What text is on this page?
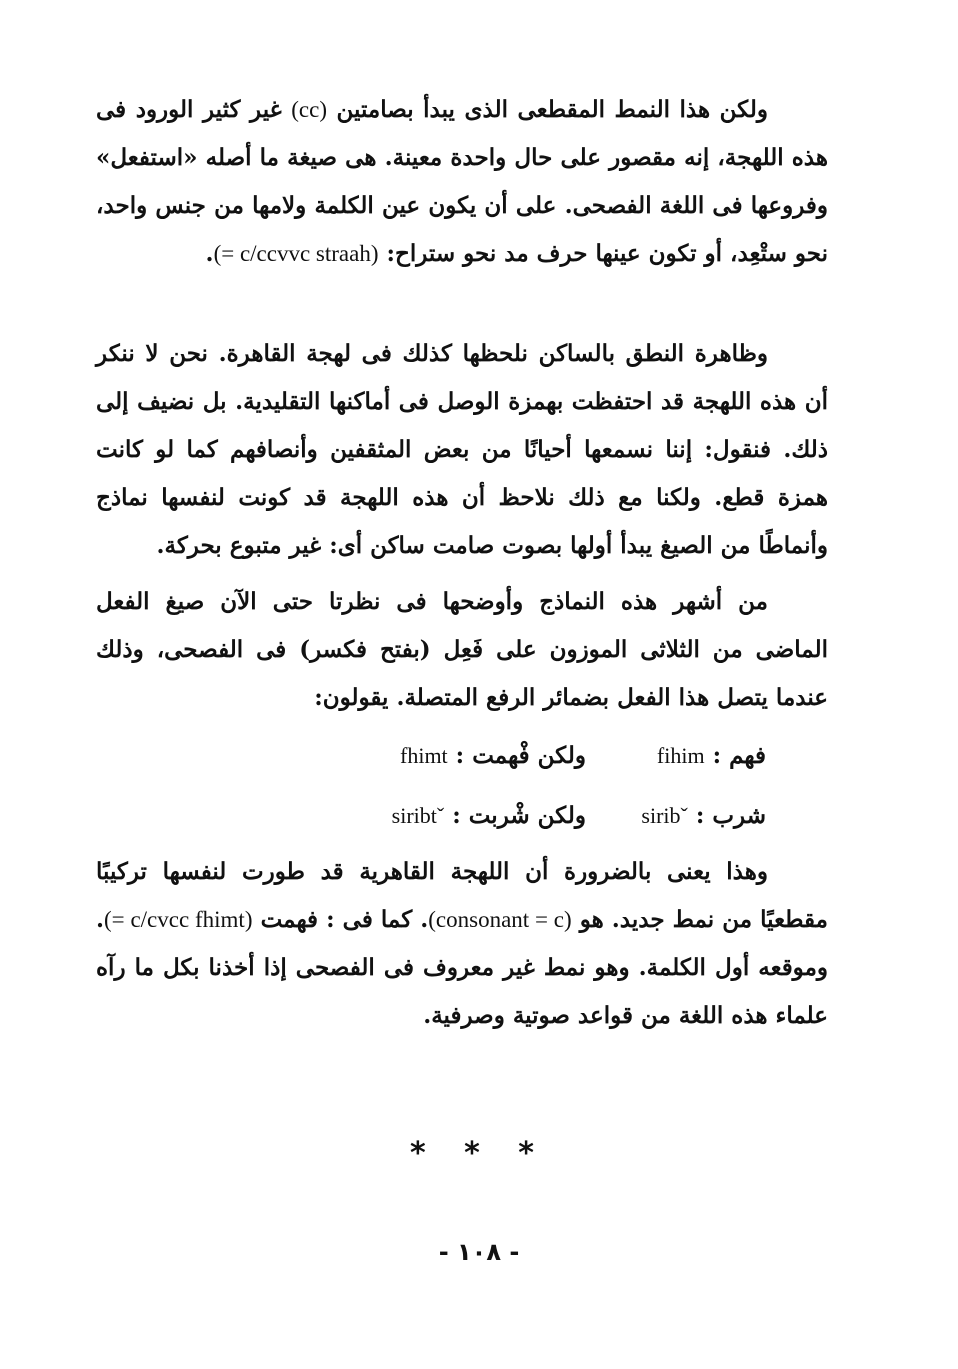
ولكن هذا النمط المقطعى الذى يبدأ بصامتين (cc) غير كثير الورود فى هذه اللهجة، إنه مقصور على حال واحدة معينة. هى صيغة ما أصله «استفعل» وفروعها فى اللغة الفصحى. على أن يكون عين الكلمة ولامها من جنس واحد، نحو ستْعِد، أو تكون عينها حرف مد نحو ستراح: (= c/ccvvc straah).

وظاهرة النطق بالساكن نلحظها كذلك فى لهجة القاهرة. نحن لا ننكر أن هذه اللهجة قد احتفظت بهمزة الوصل فى أماكنها التقليدية. بل نضيف إلى ذلك. فنقول: إننا نسمعها أحيانًا من بعض المثقفين وأنصافهم كما لو كانت همزة قطع. ولكنا مع ذلك نلاحظ أن هذه اللهجة قد كونت لنفسها نماذج وأنماطًا من الصيغ يبدأ أولها بصوت صامت ساكن أى: غير متبوع بحركة.

من أشهر هذه النماذج وأوضحها فى نظرتا حتى الآن صيغ الفعل الماضى من الثلاثى الموزون على فَعِل (بفتح فكسر) فى الفصحى، وذلك عندما يتصل هذا الفعل بضمائر الرفع المتصلة. يقولون:

فهم : fihim
ولكن فْهمت : fhimt
شرب : ˇsirib
ولكن شْربت : ˇsiribt

وهذا يعنى بالضرورة أن اللهجة القاهرية قد طورت لنفسها تركيبًا مقطعيًا من نمط جديد. هو (consonant = c). كما فى : فهمت (= c/cvcc fhimt). وموقعه أول الكلمة. وهو نمط غير معروف فى الفصحى إذا أخذنا بكل ما رآه علماء هذه اللغة من قواعد صوتية وصرفية.

* * *
- ١٠٨ -
